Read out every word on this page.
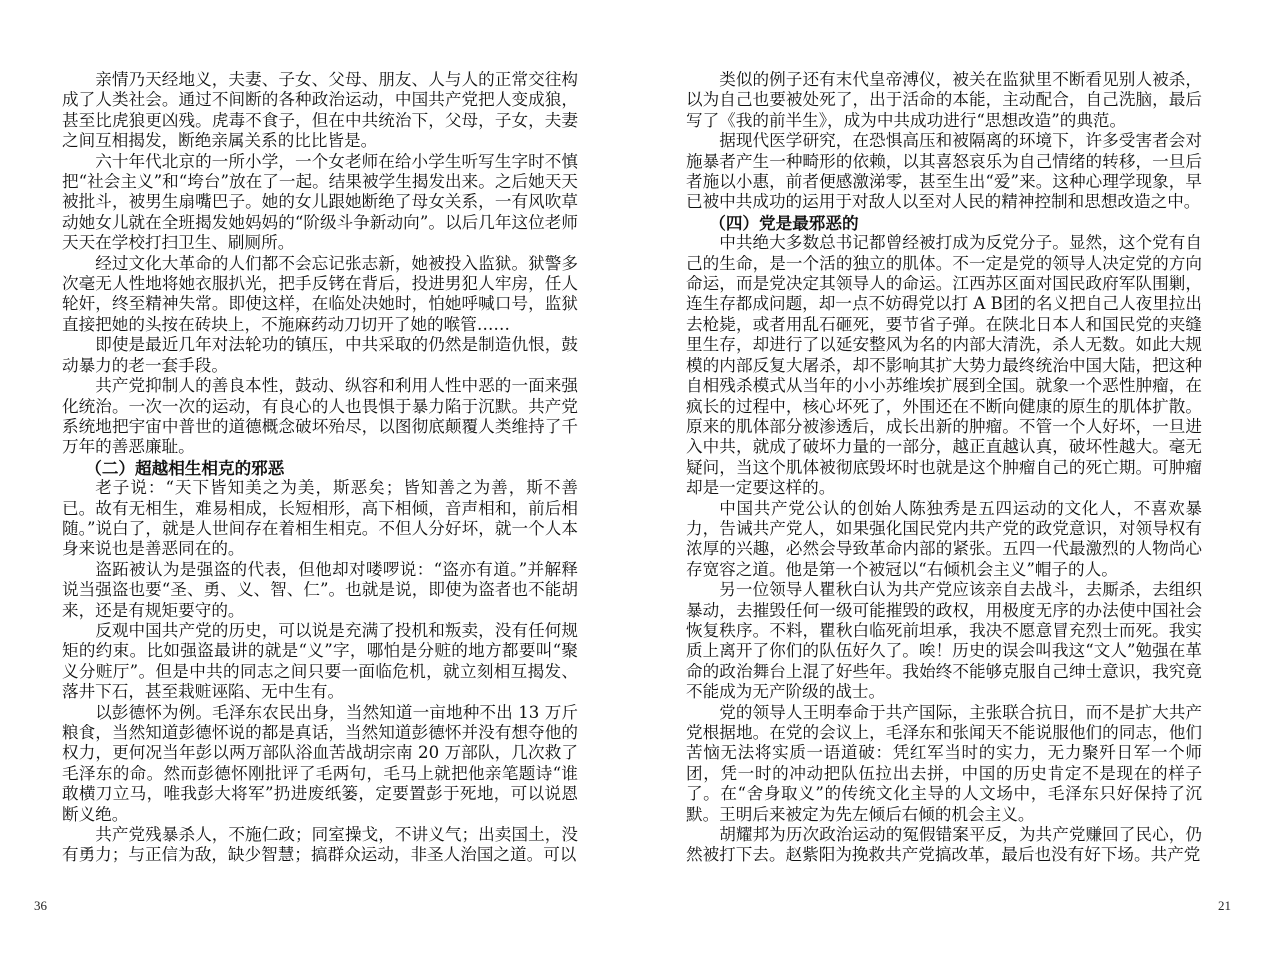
亲情乃天经地义，夫妻、子女、父母、朋友、人与人的正常交往构成了人类社会。通过不间断的各种政治运动，中国共产党把人变成狼，甚至比虎狼更凶残。虎毒不食子，但在中共统治下，父母，子女，夫妻之间互相揭发，断绝亲属关系的比比皆是。

六十年代北京的一所小学，一个女老师在给小学生听写生字时不慎把“社会主义”和“垮台”放在了一起。结果被学生揭发出来。之后她天天被批斗，被男生扇嘴巴子。她的女儿跟她断绝了母女关系，一有风吹草动她女儿就在全班揭发她妈妈的“阶级斗争新动向”。以后几年这位老师天天在学校打扫卫生、刷厕所。

经过文化大革命的人们都不会忘记张志新，她被投入监狱。狱警多次毫无人性地将她衣服扒光，把手反铐在背后，投进男犯人牢房，任人轮奸，终至精神失常。即使这样，在临处决她时，怕她呼喊口号，监狱直接把她的头按在砖块上，不施麻药动刀切开了她的喉管……

即使是最近几年对法轮功的镇压，中共采取的仍然是制造仇恨，鼓动暴力的老一套手段。

共产党抑制人的善良本性，鼓动、纵容和利用人性中恶的一面来强化统治。一次一次的运动，有良心的人也畏惧于暴力陷于沉默。共产党系统地把宇宙中普世的道德概念破坏殆尽，以图彻底颠覆人类维持了千万年的善恶廉耻。

（二）超越相生相克的邪恶

老子说：“天下皆知美之为美，斯恶矣；皆知善之为善，斯不善已。故有无相生，难易相成，长短相形，高下相倾，音声相和，前后相随。”说白了，就是人世间存在着相生相克。不但人分好坏，就一个人本身来说也是善恶同在的。

盗跖被认为是强盗的代表，但他却对喽啰说：“盗亦有道。”并解释说当强盗也要“圣、勇、义、智、仁”。也就是说，即使为盗者也不能胡来，还是有规矩要守的。

反观中国共产党的历史，可以说是充满了投机和叛卖，没有任何规矩的约束。比如强盗最讲的就是“义”字，哪怕是分赃的地方都要叫“聚义分赃厅”。但是中共的同志之间只要一面临危机，就立刻相互揭发、落井下石，甚至栽赃诬陷、无中生有。

以彭德怀为例。毛泽东农民出身，当然知道一亩地种不出 13 万斤粮食，当然知道彭德怀说的都是真话，当然知道彭德怀并没有想夺他的权力，更何况当年彭以两万部队浴血苦战胡宗南 20 万部队，几次救了毛泽东的命。然而彭德怀刚批评了毛两句，毛马上就把他亲笔题诗“谁敢横刀立马，唯我彭大将军”扔进废纸篓，定要置彭于死地，可以说恩断义绝。

共产党残暴杀人，不施仁政；同室操戈，不讲义气；出卖国土，没有勇力；与正信为敌，缺少智慧；搞群众运动，非圣人治国之道。可以

36

类似的例子还有末代皇帝溥仪，被关在监狱里不断看见别人被杀，以为自己也要被处死了，出于活命的本能，主动配合，自己洗脑，最后写了《我的前半生》，成为中共成功进行“思想改造”的典范。

据现代医学研究，在恐惧高压和被隔离的环境下，许多受害者会对施暴者产生一种畸形的依赖，以其喜怒哀乐为自己情绪的转移，一旦后者施以小惠，前者便感激涕零，甚至生出“爱”来。这种心理学现象，早已被中共成功的运用于对敌人以至对人民的精神控制和思想改造之中。

（四）党是最邪恶的

中共绝大多数总书记都曾经被打成为反党分子。显然，这个党有自己的生命，是一个活的独立的肌体。不一定是党的领导人决定党的方向命运，而是党决定其领导人的命运。江西苏区面对国民政府军队围剿，连生存都成问题，却一点不妨碍党以打 A B团的名义把自己人夜里拉出去枪毙，或者用乱石砸死，要节省子弹。在陕北日本人和国民党的夹缝里生存，却进行了以延安整风为名的内部大清洗，杀人无数。如此大规模的内部反复大屠杀，却不影响其扩大势力最终统治中国大陆，把这种自相残杀模式从当年的小小苏维埃扩展到全国。就象一个恶性肿瘤，在疯长的过程中，核心坏死了，外围还在不断向健康的原生的肌体扩散。原来的肌体部分被渗透后，成长出新的肿瘤。不管一个人好坏，一旦进入中共，就成了破坏力量的一部分，越正直越认真，破坏性越大。毫无疑问，当这个肌体被彻底毁坏时也就是这个肿瘤自己的死亡期。可肿瘤却是一定要这样的。

中国共产党公认的创始人陈独秀是五四运动的文化人，不喜欢暴力，告诫共产党人，如果强化国民党内共产党的政党意识，对领导权有浓厚的兴趣，必然会导致革命内部的紧张。五四一代最激烈的人物尚心存宽容之道。他是第一个被冠以“右倾机会主义”帽子的人。

另一位领导人瞿秋白认为共产党应该亲自去战斗，去厮杀，去组织暴动，去摧毁任何一级可能摧毁的政权，用极度无序的办法使中国社会恢复秩序。不料，瞿秋白临死前坦承，我决不愿意冒充烈士而死。我实质上离开了你们的队伍好久了。唉！历史的误会叫我这“文人”勉强在革命的政治舞台上混了好些年。我始终不能够克服自己绅士意识，我究竟不能成为无产阶级的战士。

党的领导人王明奉命于共产国际，主张联合抗日，而不是扩大共产党根据地。在党的会议上，毛泽东和张闻天不能说服他们的同志，他们苦恼无法将实质一语道破：凭红军当时的实力，无力聚歼日军一个师团，凭一时的冲动把队伍拉出去拼，中国的历史肯定不是现在的样子了。在“舍身取义”的传统文化主导的人文场中，毛泽东只好保持了沉默。王明后来被定为先左倾后右倾的机会主义。

胡耀邦为历次政治运动的冤假错案平反，为共产党赚回了民心，仍然被打下去。赵紫阳为挽救共产党搞改革，最后也没有好下场。共产党

21
